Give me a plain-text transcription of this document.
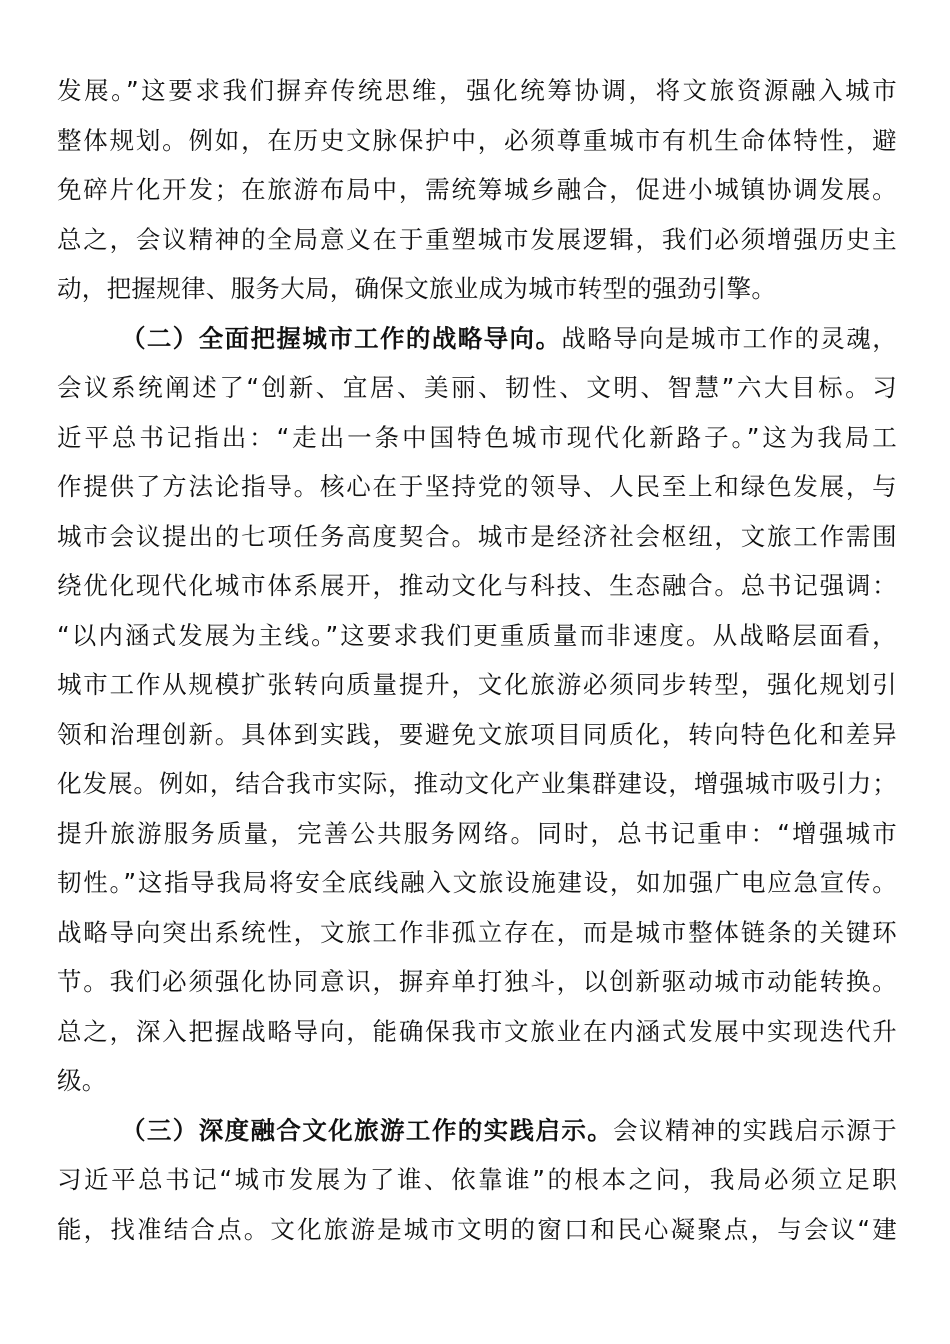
发展。”这要求我们摒弃传统思维，强化统筹协调，将文旅资源融入城市
整体规划。例如，在历史文脉保护中，必须尊重城市有机生命体特性，避
免碎片化开发；在旅游布局中，需统筹城乡融合，促进小城镇协调发展。
总之，会议精神的全局意义在于重塑城市发展逻辑，我们必须增强历史主
动，把握规律、服务大局，确保文旅业成为城市转型的强劲引擎。
（二）全面把握城市工作的战略导向。战略导向是城市工作的灵魂，
会议系统阐述了“创新、宜居、美丽、韧性、文明、智慧”六大目标。习
近平总书记指出：“走出一条中国特色城市现代化新路子。”这为我局工
作提供了方法论指导。核心在于坚持党的领导、人民至上和绿色发展，与
城市会议提出的七项任务高度契合。城市是经济社会枢纽，文旅工作需围
绕优化现代化城市体系展开，推动文化与科技、生态融合。总书记强调：
“以内涵式发展为主线。”这要求我们更重质量而非速度。从战略层面看，
城市工作从规模扩张转向质量提升，文化旅游必须同步转型，强化规划引
领和治理创新。具体到实践，要避免文旅项目同质化，转向特色化和差异
化发展。例如，结合我市实际，推动文化产业集群建设，增强城市吸引力；
提升旅游服务质量，完善公共服务网络。同时，总书记重申：“增强城市
韧性。”这指导我局将安全底线融入文旅设施建设，如加强广电应急宣传。
战略导向突出系统性，文旅工作非孤立存在，而是城市整体链条的关键环
节。我们必须强化协同意识，摒弃单打独斗，以创新驱动城市动能转换。
总之，深入把握战略导向，能确保我市文旅业在内涵式发展中实现迭代升
级。
（三）深度融合文化旅游工作的实践启示。会议精神的实践启示源于
习近平总书记“城市发展为了谁、依靠谁”的根本之问，我局必须立足职
能，找准结合点。文化旅游是城市文明的窗口和民心凝聚点，与会议“建
